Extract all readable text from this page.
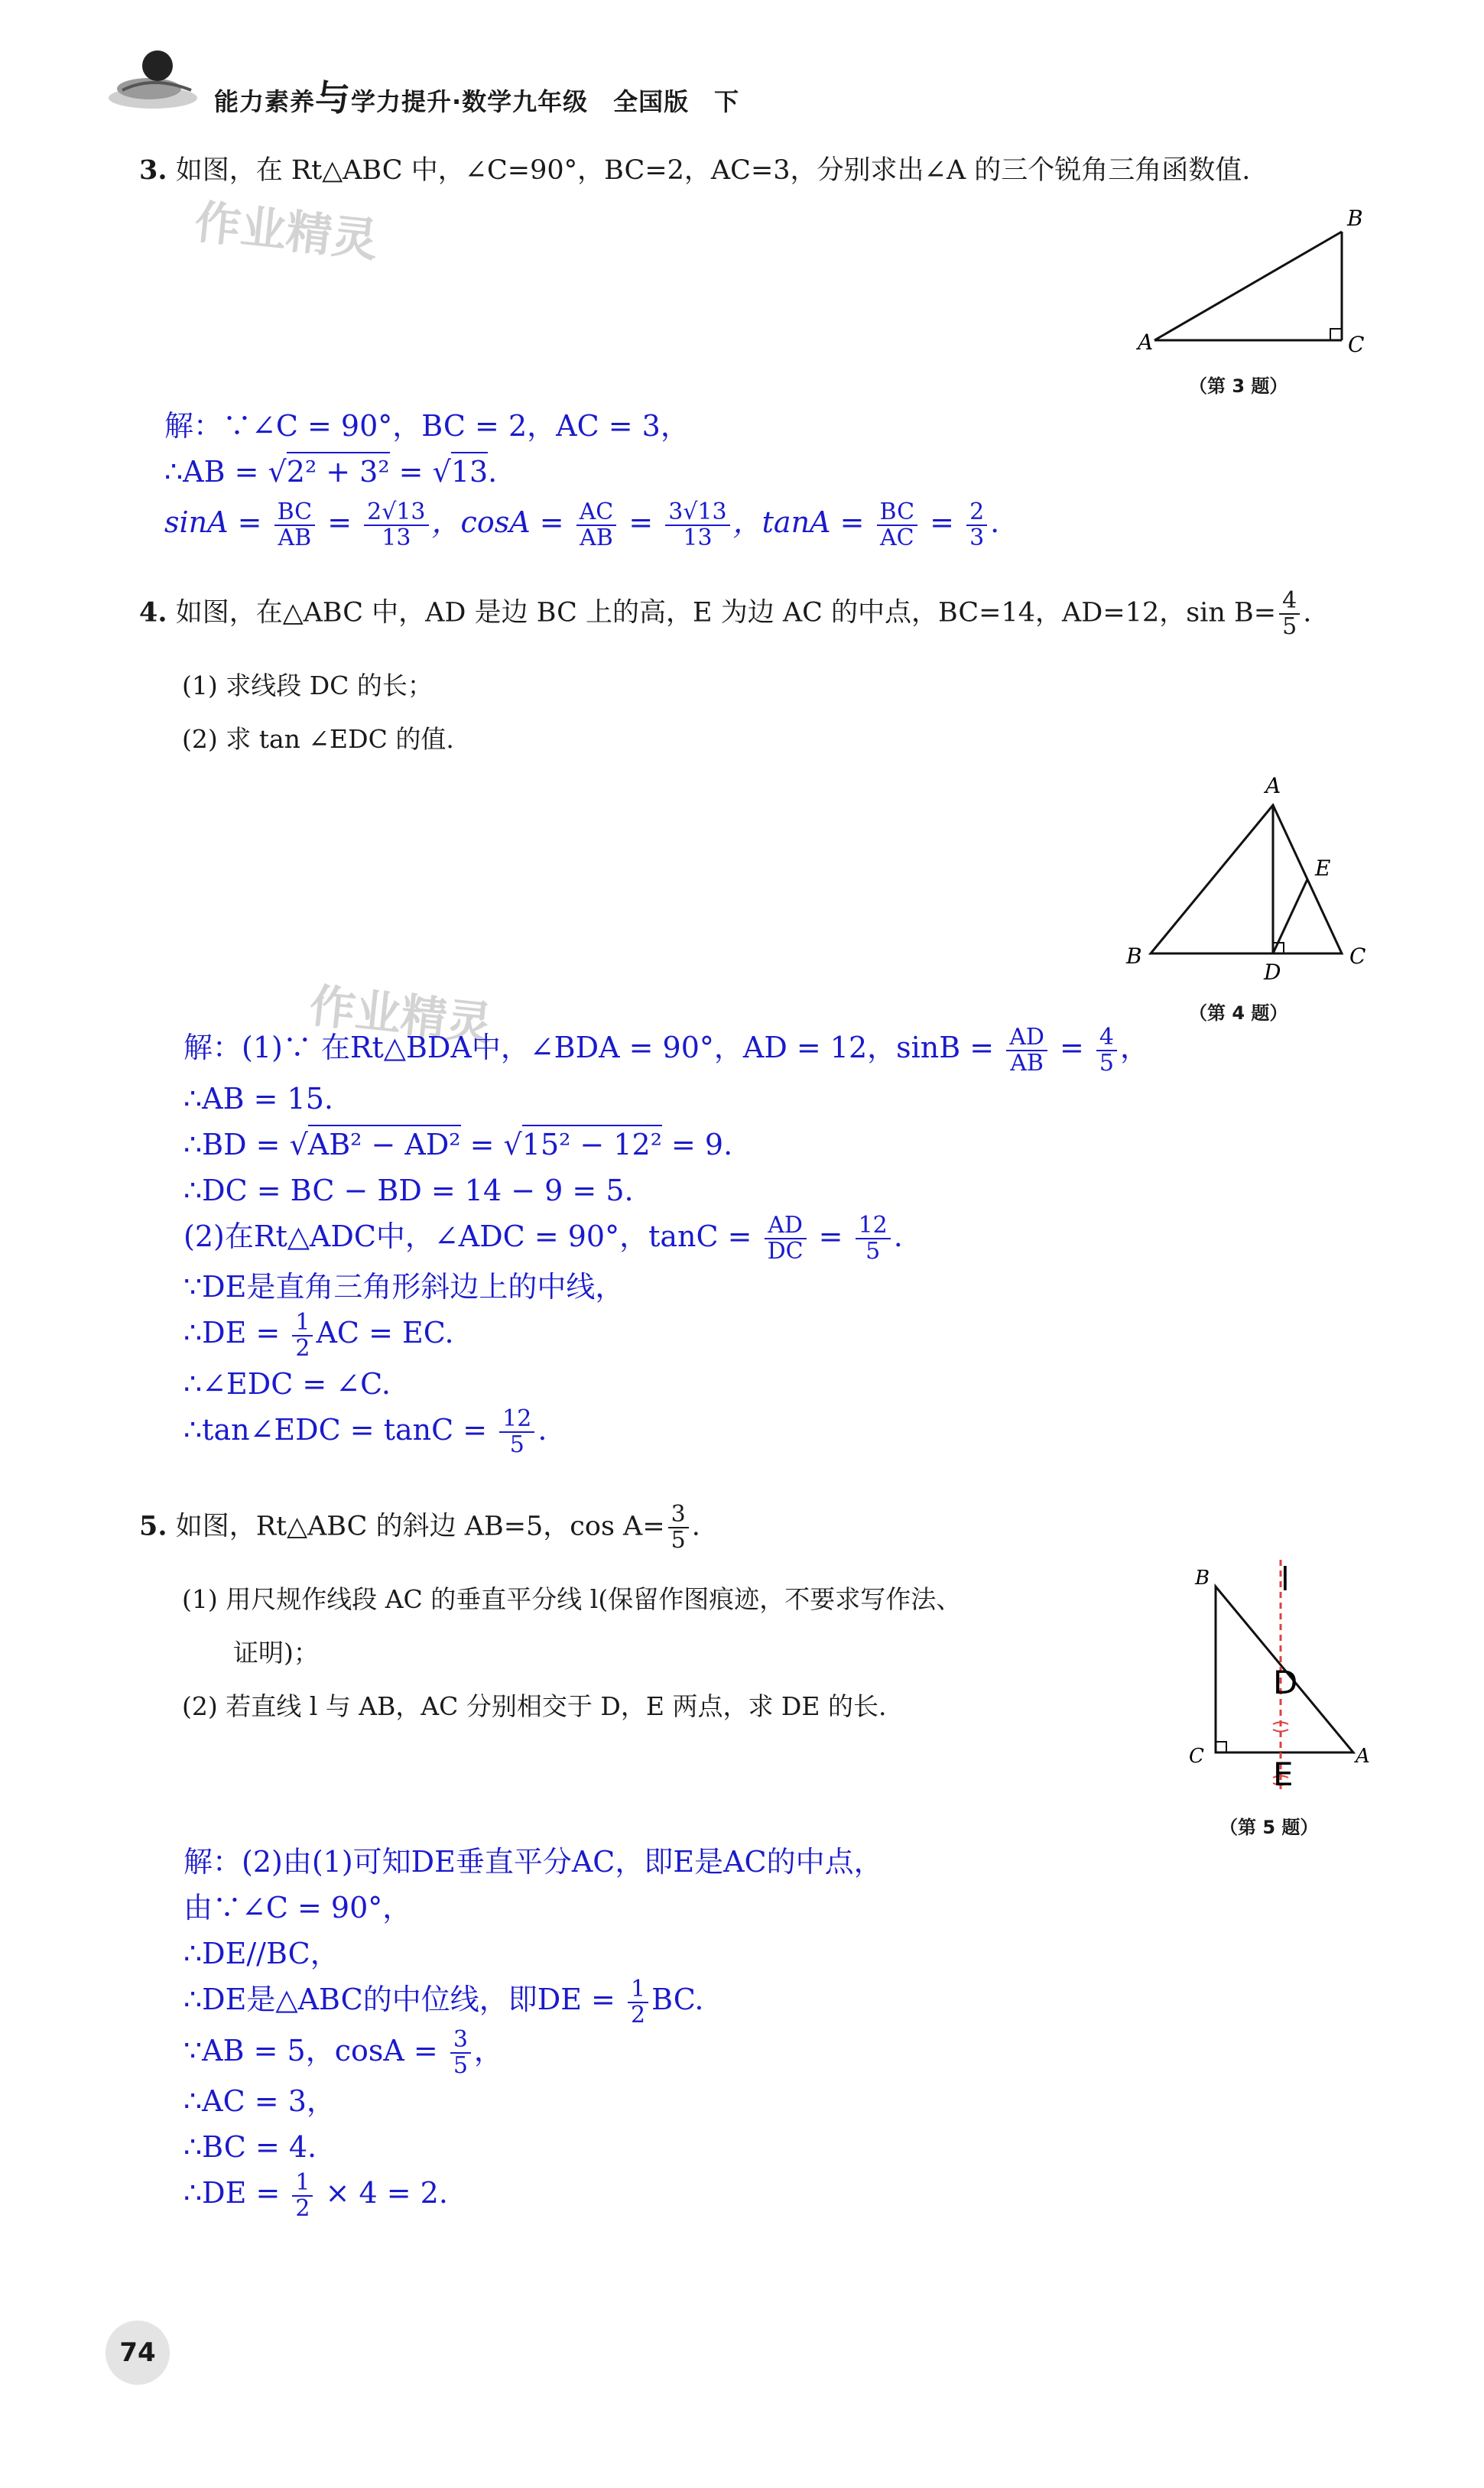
能力素养与学力提升·数学九年级　全国版　下
3. 如图，在 Rt△ABC 中，∠C=90°，BC=2，AC=3，分别求出∠A 的三个锐角三角函数值.
作业精灵
A
B
C
（第 3 题）
解：∵∠C = 90°，BC = 2，AC = 3，
∴AB = √2² + 3² = √13.
$\sin A = \frac{BC}{AB} = \frac{2√13}{13}$ ，$\cos A = \frac{AC}{AB} = \frac{3√13}{13}$ ，$\tan A = \frac{BC}{AC} = \frac{2}{3}$ .
4. 如图，在△ABC 中，AD 是边 BC 上的高，E 为边 AC 的中点，BC=14，AD=12，$\sin B= \frac{4}{5}$ .
(1) 求线段 DC 的长；
(2) 求 tan ∠EDC 的值.
A
B	C
D
E
作业精灵	（第 4 题）
解：(1)∵ 在Rt△BDA中，∠BDA = 90°，AD = 12，$\sin B = \frac{AD}{AB} = \frac{4}{5}$ ，
∴AB = 15.
∴BD = √AB² − AD² = √15² − 12² = 9.
∴DC = BC − BD = 14 − 9 = 5.
(2)在Rt△ADC中，∠ADC = 90°，$\tan C = \frac{AD}{DC} = \frac{12}{5}$ .
∵DE是直角三角形斜边上的中线，
∴DE = $\frac{1}{2}$ AC = EC.
∴∠EDC = ∠C.
∴tan∠EDC = $\tan C = \frac{12}{5}$ .
5. 如图，Rt△ABC 的斜边 AB=5，$\cos A= \frac{3}{5}$ .
(1) 用尺规作线段 AC 的垂直平分线 l(保留作图痕迹，不要求写作法、
证明)；
(2) 若直线 l 与 AB，AC 分别相交于 D，E 两点，求 DE 的长.
B
C	A
D
E
l
（第 5 题）
解：(2)由(1)可知DE垂直平分AC，即E是AC的中点，
由∵∠C = 90°，
∴DE//BC，
∴DE是△ABC的中位线，即DE = $\frac{1}{2}$ BC.
∵AB = 5，$\cos A = \frac{3}{5}$ ，
∴AC = 3，
∴BC = 4.
∴DE = $\frac{1}{2} \times 4 = 2$.
74
